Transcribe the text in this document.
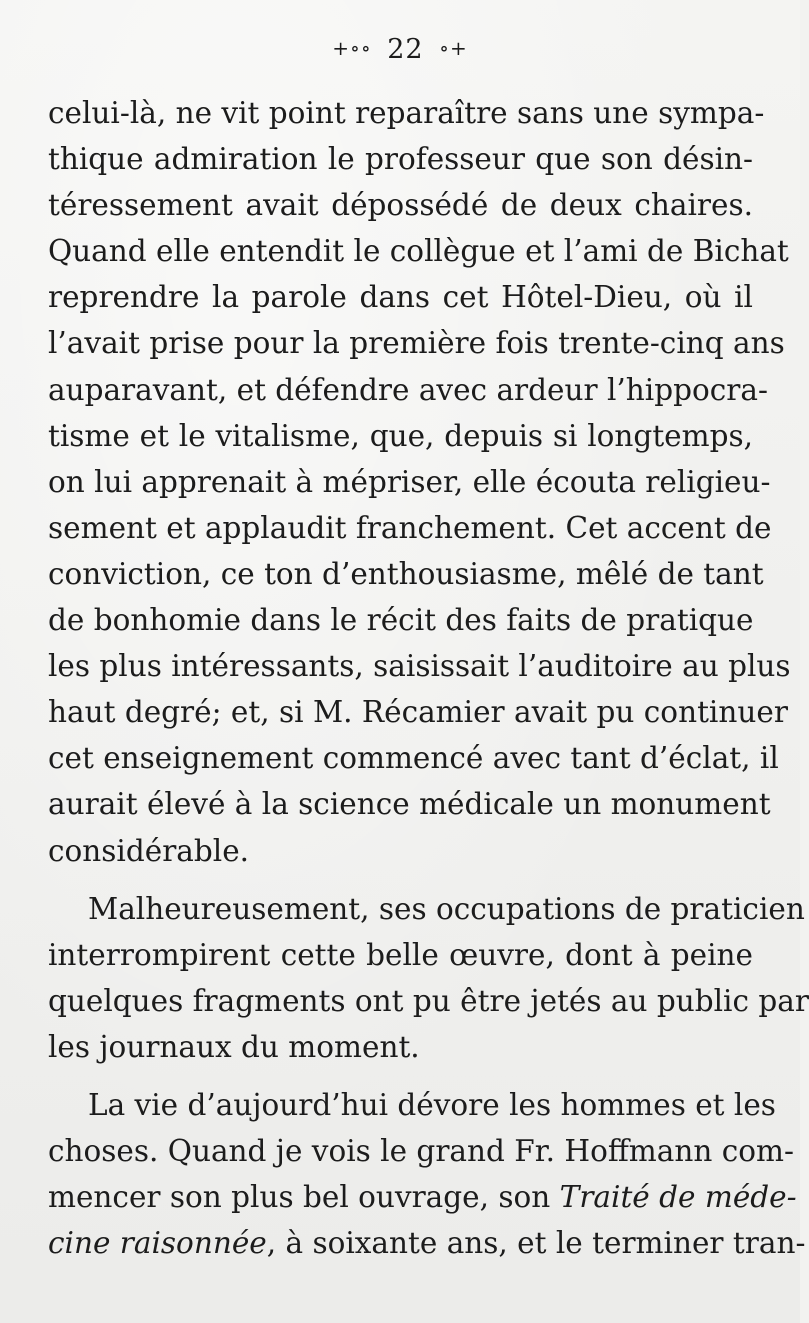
+∘∘ 22 ∘+
celui-là, ne vit point reparaître sans une sympa-
thique admiration le professeur que son désin-
téressement avait dépossédé de deux chaires.
Quand elle entendit le collègue et l’ami de Bichat
reprendre la parole dans cet Hôtel-Dieu, où il
l’avait prise pour la première fois trente-cinq ans
auparavant, et défendre avec ardeur l’hippocra-
tisme et le vitalisme, que, depuis si longtemps,
on lui apprenait à mépriser, elle écouta religieu-
sement et applaudit franchement. Cet accent de
conviction, ce ton d’enthousiasme, mêlé de tant
de bonhomie dans le récit des faits de pratique
les plus intéressants, saisissait l’auditoire au plus
haut degré; et, si M. Récamier avait pu continuer
cet enseignement commencé avec tant d’éclat, il
aurait élevé à la science médicale un monument
considérable.
Malheureusement, ses occupations de praticien
interrompirent cette belle œuvre, dont à peine
quelques fragments ont pu être jetés au public par
les journaux du moment.
La vie d’aujourd’hui dévore les hommes et les
choses. Quand je vois le grand Fr. Hoffmann com-
mencer son plus bel ouvrage, son Traité de méde-
cine raisonnée, à soixante ans, et le terminer tran-
